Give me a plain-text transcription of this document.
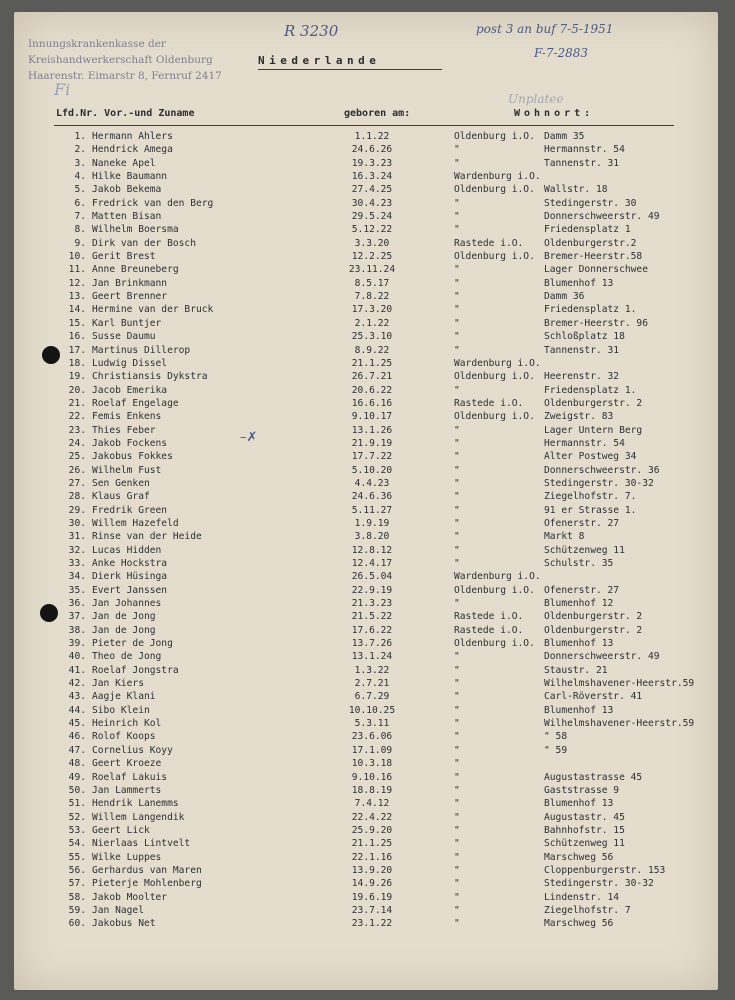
Innungskrankenkasse der
Kreishandwerkerschaft Oldenburg
Haarenstr. Eimarstr 8, Fernruf 2417
R 3230	post 3 an buf 7-5-1951
F-7-2883
Unplatee
Fi
Niederlande
Lfd.Nr. Vor.-und Zuname	geboren am:	Wohnort:
1. Hermann Ahlers	1.1.22	Oldenburg i.O. Damm 35
2. Hendrick Amega	24.6.26	"	Hermannstr. 54
3. Naneke Apel	19.3.23	"	Tannenstr. 31
4. Hilke Baumann	16.3.24	Wardenburg i.O.
5. Jakob Bekema	27.4.25	Oldenburg i.O. Wallstr. 18
6. Fredrick van den Berg	30.4.23	"	Stedingerstr. 30
7. Matten Bisan	29.5.24	"	Donnerschweerstr. 49
8. Wilhelm Boersma	5.12.22	"	Friedensplatz 1
9. Dirk van der Bosch	3.3.20	Rastede i.O. Oldenburgerstr.2
10. Gerit Brest	12.2.25	Oldenburg i.O. Bremer-Heerstr.58
11. Anne Breuneberg	23.11.24	"	Lager Donnerschwee
12. Jan Brinkmann	8.5.17	"	Blumenhof 13
13. Geert Brenner	7.8.22	"	Damm 36
14. Hermine van der Bruck	17.3.20	"	Friedensplatz 1.
15. Karl Buntjer	2.1.22	"	Bremer-Heerstr. 96
16. Susse Daumu	25.3.10	"	Schloßplatz 18
17. Martinus Dillerop	8.9.22	"	Tannenstr. 31
18. Ludwig Dissel	21.1.25	Wardenburg i.O.
19. Christiansis Dykstra	26.7.21	Oldenburg i.O. Heerenstr. 32
20. Jacob Emerika	20.6.22	"	Friedensplatz 1.
21. Roelaf Engelage	16.6.16	Rastede i.O. Oldenburgerstr. 2
22. Femis Enkens	9.10.17	Oldenburg i.O. Zweigstr. 83
23. Thies Feber	13.1.26	"	Lager Untern Berg
24. Jakob Fockens	21.9.19	"	Hermannstr. 54
25. Jakobus Fokkes	17.7.22	"	Alter Postweg 34
26. Wilhelm Fust	5.10.20	"	Donnerschweerstr. 36
27. Sen Genken	4.4.23	"	Stedingerstr. 30-32
28. Klaus Graf	24.6.36	"	Ziegelhofstr. 7.
29. Fredrik Green	5.11.27	"	91 er Strasse 1.
30. Willem Hazefeld	1.9.19	"	Ofenerstr. 27
31. Rinse van der Heide	3.8.20	"	Markt 8
32. Lucas Hidden	12.8.12	"	Schützenweg 11
33. Anke Hockstra	12.4.17	"	Schulstr. 35
34. Dierk Hüsinga	26.5.04	Wardenburg i.O.
35. Evert Janssen	22.9.19	Oldenburg i.O. Ofenerstr. 27
36. Jan Johannes	21.3.23	"	Blumenhof 12
37. Jan de Jong	21.5.22	Rastede i.O. Oldenburgerstr. 2
38. Jan de Jong	17.6.22	Rastede i.O. Oldenburgerstr. 2
39. Pieter de Jong	13.7.26	Oldenburg i.O. Blumenhof 13
40. Theo de Jong	13.1.24	"	Donnerschweerstr. 49
41. Roelaf Jongstra	1.3.22	"	Staustr. 21
42. Jan Kiers	2.7.21	"	Wilhelmshavener-Heerstr.59
43. Aagje Klani	6.7.29	"	Carl-Röverstr. 41
44. Sibo Klein	10.10.25	"	Blumenhof 13
45. Heinrich Kol	5.3.11	"	Wilhelmshavener-Heerstr.59
46. Rolof Koops	23.6.06	"	" 58
47. Cornelius Koyy	17.1.09	"	" 59
48. Geert Kroeze	10.3.18	"
49. Roelaf Lakuis	9.10.16	"	Augustastrasse 45
50. Jan Lammerts	18.8.19	"	Gaststrasse 9
51. Hendrik Lanemms	7.4.12	"	Blumenhof 13
52. Willem Langendik	22.4.22	"	Augustastr. 45
53. Geert Lick	25.9.20	"	Bahnhofstr. 15
54. Nierlaas Lintvelt	21.1.25	"	Schützenweg 11
55. Wilke Luppes	22.1.16	"	Marschweg 56
56. Gerhardus van Maren	13.9.20	"	Cloppenburgerstr. 153
57. Pieterje Mohlenberg	14.9.26	"	Stedingerstr. 30-32
58. Jakob Moolter	19.6.19	"	Lindenstr. 14
59. Jan Nagel	23.7.14	"	Ziegelhofstr. 7
60. Jakobus Net	23.1.22	"	Marschweg 56
–✗
